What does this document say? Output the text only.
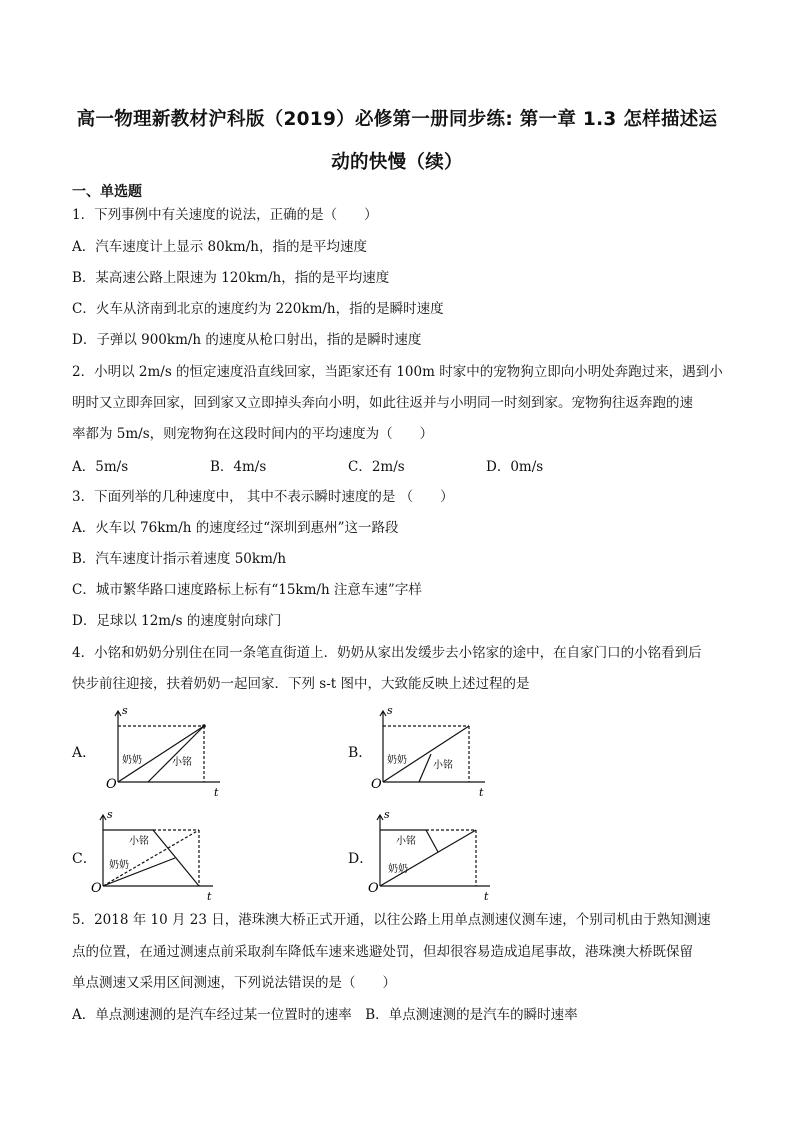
高一物理新教材沪科版（2019）必修第一册同步练: 第一章 1.3 怎样描述运
动的快慢（续）
一、单选题
1．下列事例中有关速度的说法，正确的是（　　）
A．汽车速度计上显示 80km/h，指的是平均速度
B．某高速公路上限速为 120km/h，指的是平均速度
C．火车从济南到北京的速度约为 220km/h，指的是瞬时速度
D．子弹以 900km/h 的速度从枪口射出，指的是瞬时速度
2．小明以 2m/s 的恒定速度沿直线回家，当距家还有 100m 时家中的宠物狗立即向小明处奔跑过来，遇到小
明时又立即奔回家，回到家又立即掉头奔向小明，如此往返并与小明同一时刻到家。宠物狗往返奔跑的速
率都为 5m/s，则宠物狗在这段时间内的平均速度为（　　）
A．5m/s	B．4m/s	C．2m/s	D．0m/s
3．下面列举的几种速度中， 其中不表示瞬时速度的是 （　　）
A．火车以 76km/h 的速度经过“深圳到惠州”这一路段
B．汽车速度计指示着速度 50km/h
C．城市繁华路口速度路标上标有“15km/h 注意车速”字样
D．足球以 12m/s 的速度射向球门
4．小铭和奶奶分别住在同一条笔直街道上．奶奶从家出发缓步去小铭家的途中，在自家门口的小铭看到后
快步前往迎接，扶着奶奶一起回家．下列 s-t 图中，大致能反映上述过程的是
A．
s
t
O
奶奶	小铭
B．
s
t
O
奶奶	小铭
C．
s
t
O
奶奶
小铭
D．
s
t
O
奶奶
小铭
5．2018 年 10 月 23 日，港珠澳大桥正式开通，以往公路上用单点测速仪测车速，个别司机由于熟知测速
点的位置，在通过测速点前采取刹车降低车速来逃避处罚，但却很容易造成追尾事故，港珠澳大桥既保留
单点测速又采用区间测速，下列说法错误的是（　　）
A．单点测速测的是汽车经过某一位置时的速率　B．单点测速测的是汽车的瞬时速率
